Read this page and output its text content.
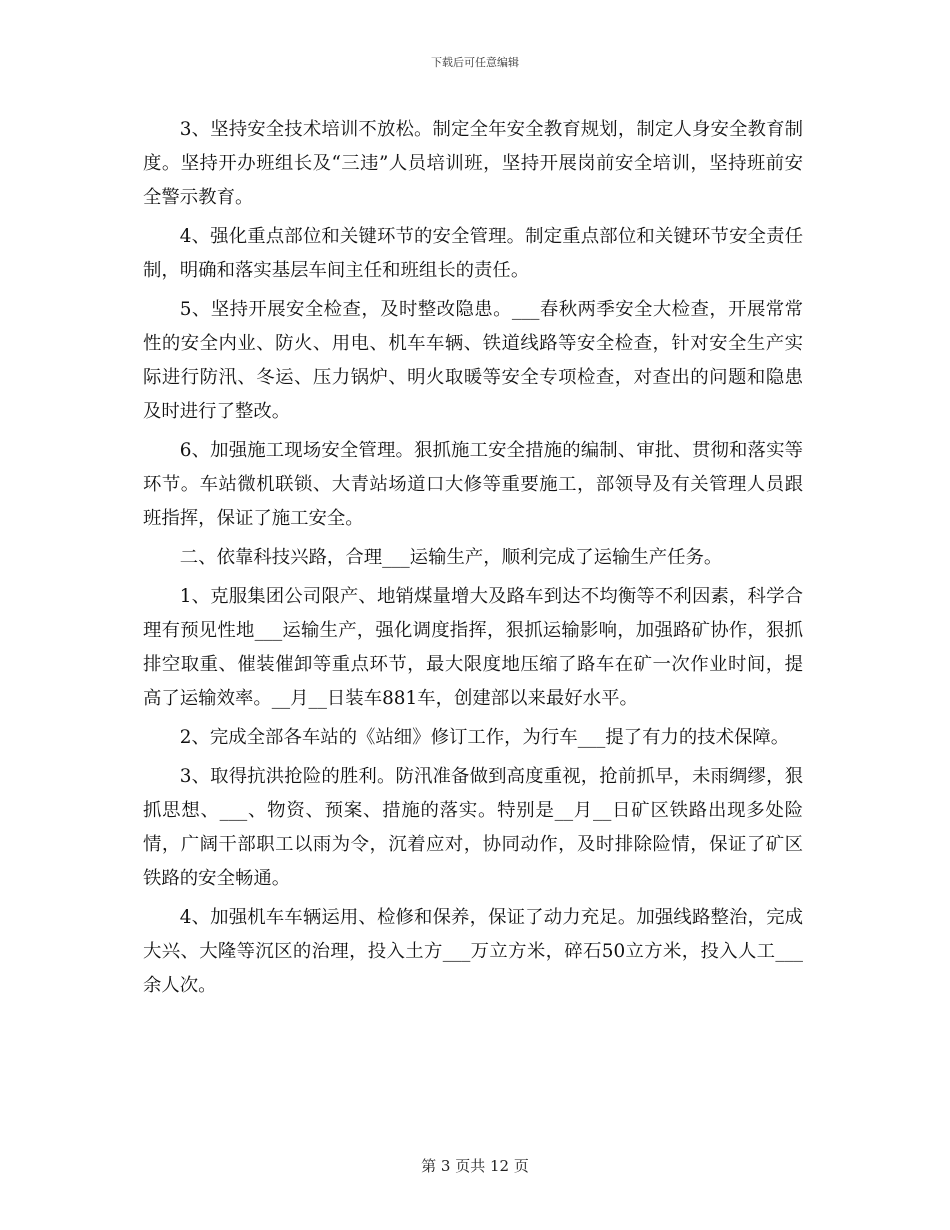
下载后可任意编辑

3、坚持安全技术培训不放松。制定全年安全教育规划，制定人身安全教育制度。坚持开办班组长及“三违”人员培训班，坚持开展岗前安全培训，坚持班前安全警示教育。

4、强化重点部位和关键环节的安全管理。制定重点部位和关键环节安全责任制，明确和落实基层车间主任和班组长的责任。

5、坚持开展安全检查，及时整改隐患。___春秋两季安全大检查，开展常常性的安全内业、防火、用电、机车车辆、铁道线路等安全检查，针对安全生产实际进行防汛、冬运、压力锅炉、明火取暖等安全专项检查，对查出的问题和隐患及时进行了整改。

6、加强施工现场安全管理。狠抓施工安全措施的编制、审批、贯彻和落实等环节。车站微机联锁、大青站场道口大修等重要施工，部领导及有关管理人员跟班指挥，保证了施工安全。

二、依靠科技兴路，合理___运输生产，顺利完成了运输生产任务。

1、克服集团公司限产、地销煤量增大及路车到达不均衡等不利因素，科学合理有预见性地___运输生产，强化调度指挥，狠抓运输影响，加强路矿协作，狠抓排空取重、催装催卸等重点环节，最大限度地压缩了路车在矿一次作业时间，提高了运输效率。__月__日装车881车，创建部以来最好水平。

2、完成全部各车站的《站细》修订工作，为行车___提了有力的技术保障。

3、取得抗洪抢险的胜利。防汛准备做到高度重视，抢前抓早，未雨绸缪，狠抓思想、___、物资、预案、措施的落实。特别是__月__日矿区铁路出现多处险情，广阔干部职工以雨为令，沉着应对，协同动作，及时排除险情，保证了矿区铁路的安全畅通。

4、加强机车车辆运用、检修和保养，保证了动力充足。加强线路整治，完成大兴、大隆等沉区的治理，投入土方___万立方米，碎石50立方米，投入人工___余人次。

第 3 页共 12 页
